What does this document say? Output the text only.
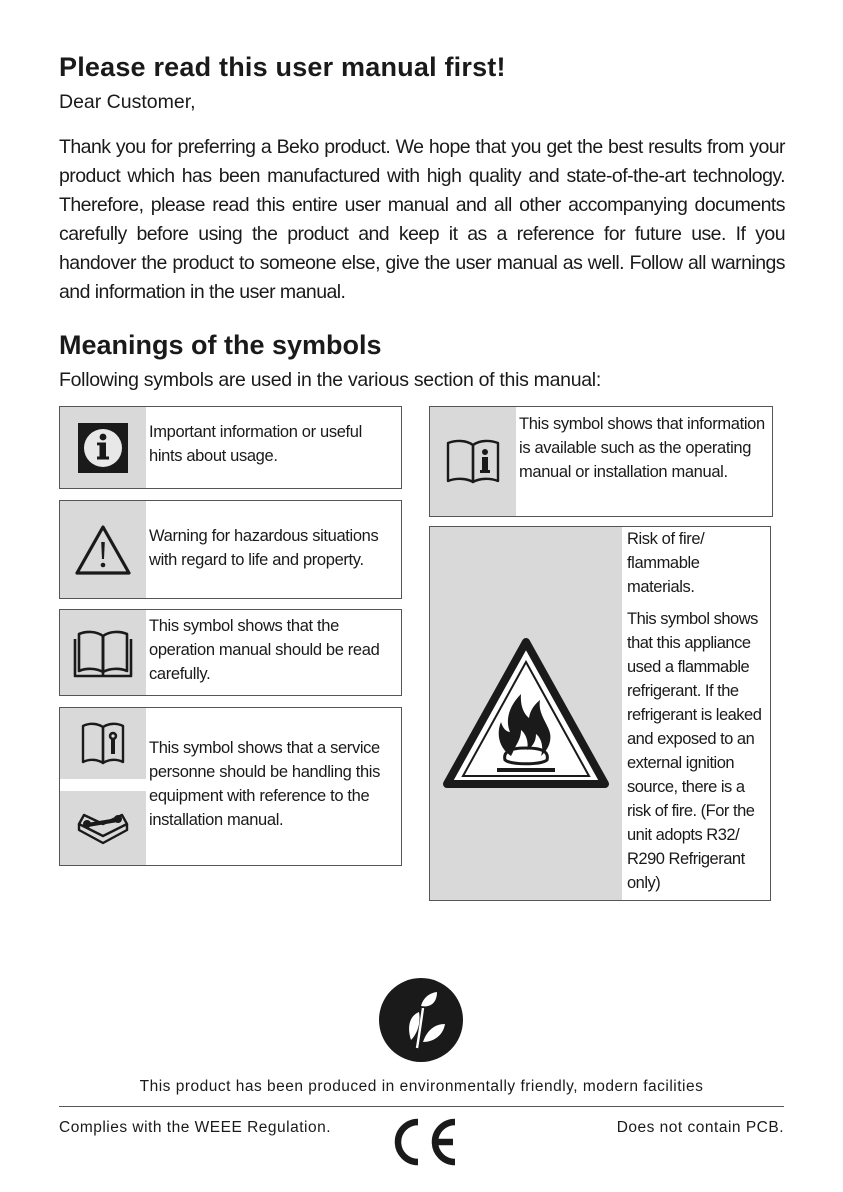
Please read this user manual first!
Dear Customer,
Thank you for preferring a Beko product. We hope that you get the best results from your product which has been manufactured with high quality and state-of-the-art technology. Therefore, please read this entire user manual and all other accompanying documents carefully before using the product and keep it as a reference for future use. If you handover the product to someone else, give the user manual as well. Follow all warnings and information in the user manual.
Meanings of the symbols
Following symbols are used in the various section of this manual:
Important information or useful hints about usage.
Warning for hazardous situations with regard to life and property.
This symbol shows that the operation manual should be read carefully.
This symbol shows that a service personne should be handling this equipment with reference to the installation manual.
This symbol shows that information is available such as the operating manual or installation manual.
Risk of fire/ flammable materials.
This symbol shows that this appliance used a flammable refrigerant. If the refrigerant is leaked and exposed to an external ignition source, there is a risk of fire. (For the unit adopts R32/ R290 Refrigerant only)
This product has been produced in environmentally friendly, modern facilities
Complies with the WEEE Regulation.	Does not contain PCB.
